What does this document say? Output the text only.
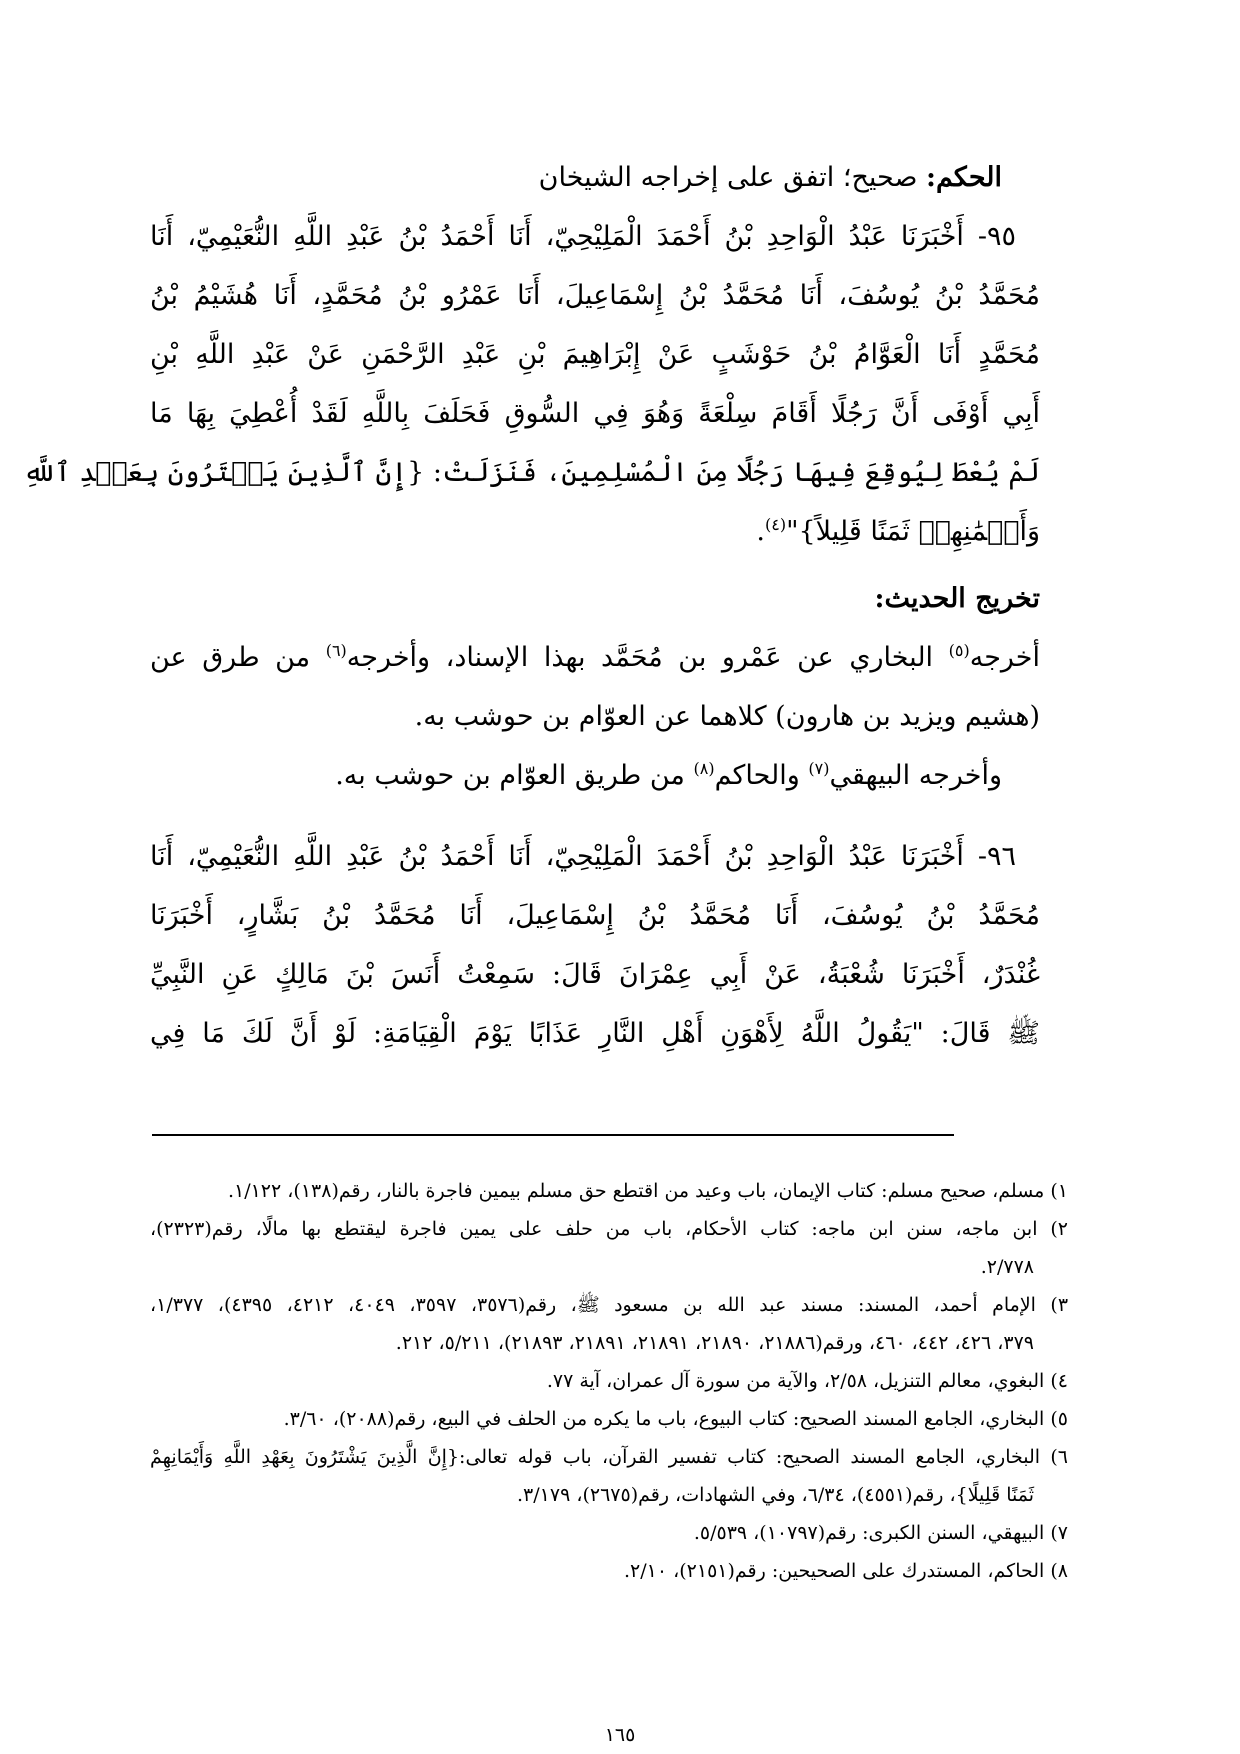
الحكم: صحيح؛ اتفق على إخراجه الشيخان
٩٥- أَخْبَرَنَا عَبْدُ الْوَاحِدِ بْنُ أَحْمَدَ الْمَلِيْحِيّ، أَنَا أَحْمَدُ بْنُ عَبْدِ اللَّهِ النُّعَيْمِيّ، أَنَا
مُحَمَّدُ بْنُ يُوسُفَ، أَنَا مُحَمَّدُ بْنُ إِسْمَاعِيلَ، أَنَا عَمْرُو بْنُ مُحَمَّدٍ، أَنَا هُشَيْمُ بْنُ
مُحَمَّدٍ أَنَا الْعَوَّامُ بْنُ حَوْشَبٍ عَنْ إِبْرَاهِيمَ بْنِ عَبْدِ الرَّحْمَنِ عَنْ عَبْدِ اللَّهِ بْنِ
أَبِي أَوْفَى أَنَّ رَجُلًا أَقَامَ سِلْعَةً وَهُوَ فِي السُّوقِ فَحَلَفَ بِاللَّهِ لَقَدْ أُعْطِيَ بِهَا مَا
لَمْ يُعْطَ لِيُوقِعَ فِيهَا رَجُلًا مِنَ الْمُسْلِمِينَ، فَنَزَلَتْ: {إِنَّ ٱلَّذِينَ يَشۡتَرُونَ بِعَهۡدِ ٱللَّهِ
وَأَيۡمَٰنِهِمۡ ثَمَنًا قَلِيلاً}"$^{(٤)}$.
تخريج الحديث:
أخرجه$^{(٥)}$ البخاري عن عَمْرو بن مُحَمَّد بهذا الإسناد، وأخرجه$^{(٦)}$ من طرق عن
(هشيم ويزيد بن هارون) كلاهما عن العوّام بن حوشب به.
وأخرجه البيهقي$^{(٧)}$ والحاكم$^{(٨)}$ من طريق العوّام بن حوشب به.
٩٦- أَخْبَرَنَا عَبْدُ الْوَاحِدِ بْنُ أَحْمَدَ الْمَلِيْحِيّ، أَنَا أَحْمَدُ بْنُ عَبْدِ اللَّهِ النُّعَيْمِيّ، أَنَا
مُحَمَّدُ بْنُ يُوسُفَ، أَنَا مُحَمَّدُ بْنُ إِسْمَاعِيلَ، أَنَا مُحَمَّدُ بْنُ بَشَّارٍ، أَخْبَرَنَا
غُنْدَرٌ، أَخْبَرَنَا شُعْبَةُ، عَنْ أَبِي عِمْرَانَ قَالَ: سَمِعْتُ أَنَسَ بْنَ مَالِكٍ عَنِ النَّبِيِّ
ﷺ قَالَ: "يَقُولُ اللَّهُ لِأَهْوَنِ أَهْلِ النَّارِ عَذَابًا يَوْمَ الْقِيَامَةِ: لَوْ أَنَّ لَكَ مَا فِي
١) مسلم، صحيح مسلم: كتاب الإيمان، باب وعيد من اقتطع حق مسلم بيمين فاجرة بالنار، رقم(١٣٨)، ١/١٢٢.
٢) ابن ماجه، سنن ابن ماجه: كتاب الأحكام، باب من حلف على يمين فاجرة ليقتطع بها مالًا، رقم(٢٣٢٣)،
٢/٧٧٨.
٣) الإمام أحمد، المسند: مسند عبد الله بن مسعود ﷺ، رقم(٣٥٧٦، ٣٥٩٧، ٤٠٤٩، ٤٢١٢، ٤٣٩٥)، ١/٣٧٧،
٣٧٩، ٤٢٦، ٤٤٢، ٤٦٠، ورقم(٢١٨٨٦، ٢١٨٩٠، ٢١٨٩١، ٢١٨٩١، ٢١٨٩٣)، ٥/٢١١، ٢١٢.
٤) البغوي، معالم التنزيل، ٢/٥٨، والآية من سورة آل عمران، آية ٧٧.
٥) البخاري، الجامع المسند الصحيح: كتاب البيوع، باب ما يكره من الحلف في البيع، رقم(٢٠٨٨)، ٣/٦٠.
٦) البخاري، الجامع المسند الصحيح: كتاب تفسير القرآن، باب قوله تعالى:{إِنَّ الَّذِينَ يَشْتَرُونَ بِعَهْدِ اللَّهِ وَأَيْمَانِهِمْ
ثَمَنًا قَلِيلًا}، رقم(٤٥٥١)، ٦/٣٤، وفي الشهادات، رقم(٢٦٧٥)، ٣/١٧٩.
٧) البيهقي، السنن الكبرى: رقم(١٠٧٩٧)، ٥/٥٣٩.
٨) الحاكم، المستدرك على الصحيحين: رقم(٢١٥١)، ٢/١٠.
١٦٥
